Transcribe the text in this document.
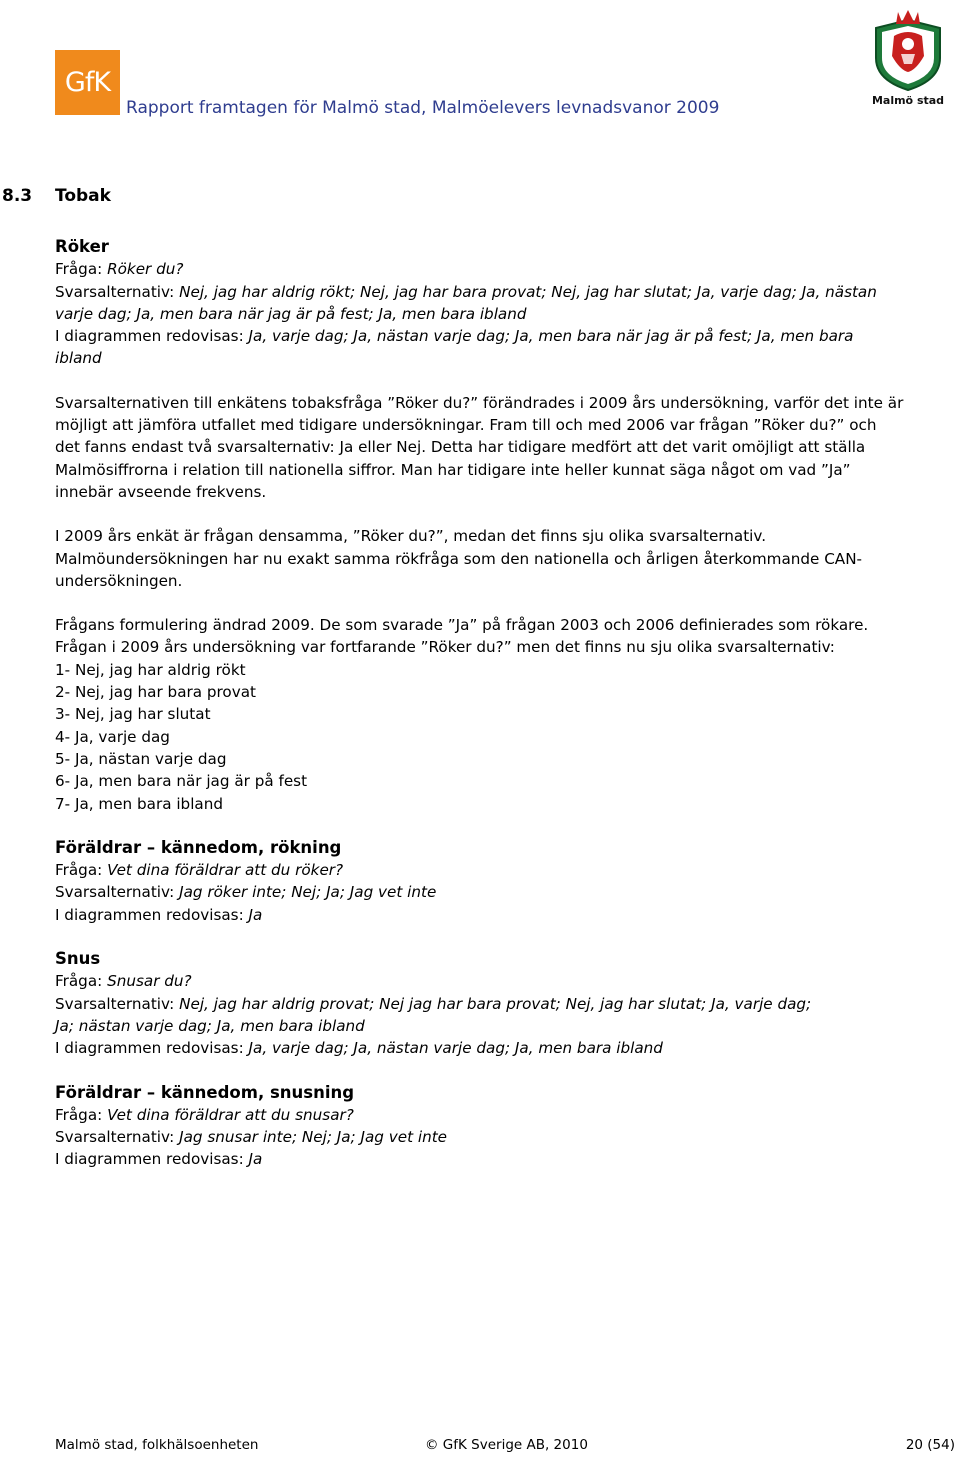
GfK
Rapport framtagen för Malmö stad, Malmöelevers levnadsvanor 2009	Malmö stad
8.3 Tobak

Röker

Fråga: Röker du?

Svarsalternativ: Nej, jag har aldrig rökt; Nej, jag har bara provat; Nej, jag har slutat; Ja, varje dag; Ja, nästan

varje dag; Ja, men bara när jag är på fest; Ja, men bara ibland

I diagrammen redovisas: Ja, varje dag; Ja, nästan varje dag; Ja, men bara när jag är på fest; Ja, men bara

ibland

Svarsalternativen till enkätens tobaksfråga ”Röker du?” förändrades i 2009 års undersökning, varför det inte är

möjligt att jämföra utfallet med tidigare undersökningar. Fram till och med 2006 var frågan ”Röker du?” och

det fanns endast två svarsalternativ: Ja eller Nej. Detta har tidigare medfört att det varit omöjligt att ställa

Malmösiffrorna i relation till nationella siffror. Man har tidigare inte heller kunnat säga något om vad ”Ja”

innebär avseende frekvens.

I 2009 års enkät är frågan densamma, ”Röker du?”, medan det finns sju olika svarsalternativ.

Malmöundersökningen har nu exakt samma rökfråga som den nationella och årligen återkommande CAN-

undersökningen.

Frågans formulering ändrad 2009. De som svarade ”Ja” på frågan 2003 och 2006 definierades som rökare.

Frågan i 2009 års undersökning var fortfarande ”Röker du?” men det finns nu sju olika svarsalternativ:

1- Nej, jag har aldrig rökt

2- Nej, jag har bara provat

3- Nej, jag har slutat

4- Ja, varje dag

5- Ja, nästan varje dag

6- Ja, men bara när jag är på fest

7- Ja, men bara ibland

Föräldrar – kännedom, rökning

Fråga: Vet dina föräldrar att du röker?

Svarsalternativ: Jag röker inte; Nej; Ja; Jag vet inte

I diagrammen redovisas: Ja

Snus

Fråga: Snusar du?

Svarsalternativ: Nej, jag har aldrig provat; Nej jag har bara provat; Nej, jag har slutat; Ja, varje dag;

Ja; nästan varje dag; Ja, men bara ibland

I diagrammen redovisas: Ja, varje dag; Ja, nästan varje dag; Ja, men bara ibland

Föräldrar – kännedom, snusning

Fråga: Vet dina föräldrar att du snusar?

Svarsalternativ: Jag snusar inte; Nej; Ja; Jag vet inte

I diagrammen redovisas: Ja

Malmö stad, folkhälsoenheten	© GfK Sverige AB, 2010	20 (54)
